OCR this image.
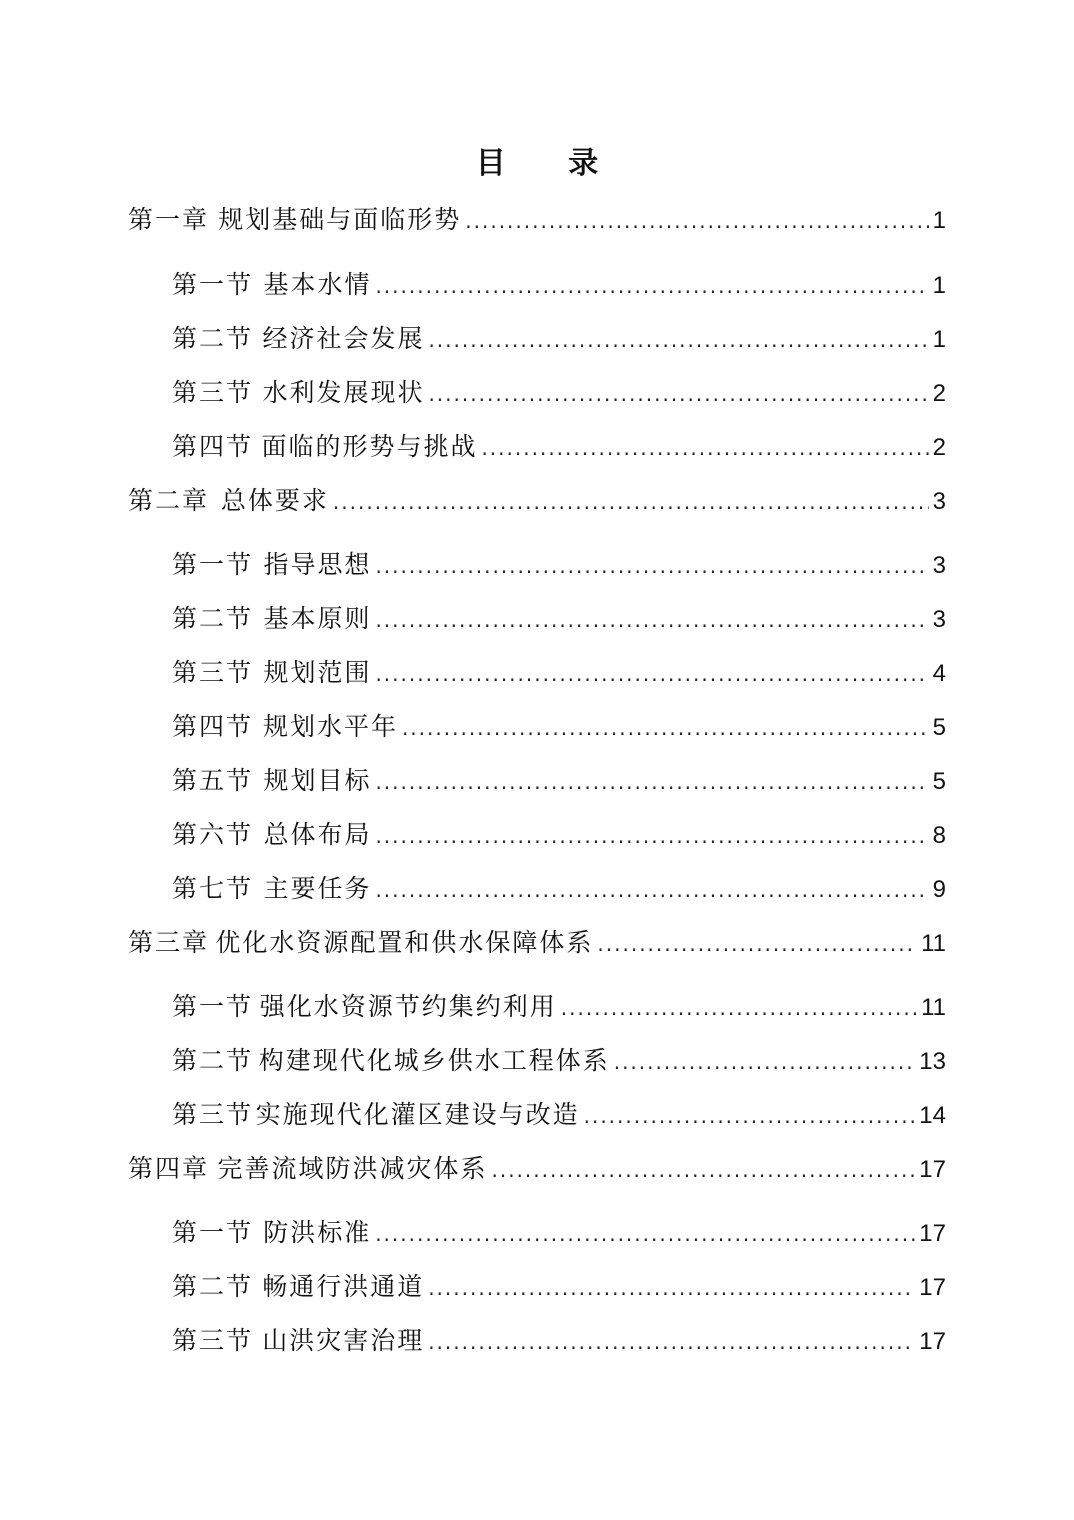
目 录
第一章 规划基础与面临形势 .....	1
第一节 基本水情 .....	1
第二节 经济社会发展 .....	1
第三节 水利发展现状 .....	2
第四节 面临的形势与挑战 .....	2
第二章 总体要求 .....	3
第一节 指导思想 .....	3
第二节 基本原则 .....	3
第三节 规划范围 .....	4
第四节 规划水平年 .....	5
第五节 规划目标 .....	5
第六节 总体布局 .....	8
第七节 主要任务 .....	9
第三章 优化水资源配置和供水保障体系 .....	11
第一节 强化水资源节约集约利用 .....	11
第二节 构建现代化城乡供水工程体系 .....	13
第三节 实施现代化灌区建设与改造 .....	14
第四章 完善流域防洪减灾体系 .....	17
第一节 防洪标准 .....	17
第二节 畅通行洪通道 .....	17
第三节 山洪灾害治理 .....	17
